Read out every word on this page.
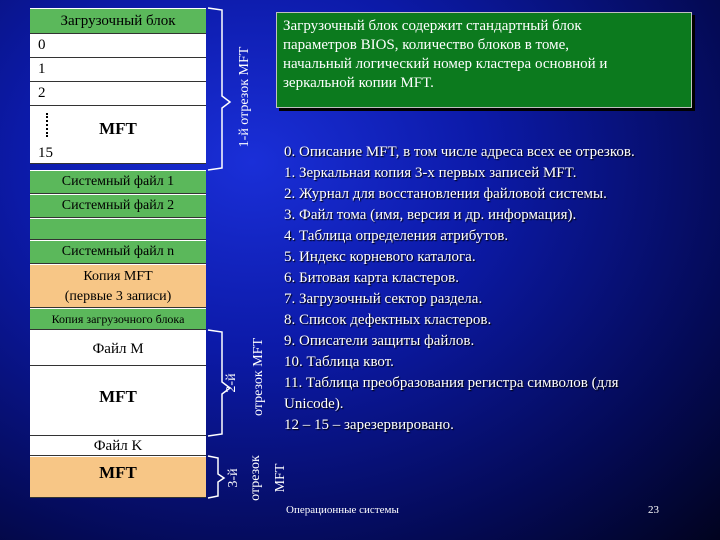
Загрузочный блок
0
1
2
MFT
15
Системный файл 1
Системный файл 2
Системный файл n
Копия MFT
(первые 3 записи)
Копия загрузочного блока
Файл M
MFT
Файл K
MFT
1-й отрезок MFT
2-й отрезок MFT
3-й отрезок MFT
Загрузочный блок содержит стандартный блок
параметров BIOS, количество блоков в томе,
начальный логический номер кластера основной и
зеркальной копии MFT.
0. Описание MFT, в том числе адреса всех ее отрезков.
1. Зеркальная копия 3-х первых записей MFT.
2. Журнал для восстановления файловой системы.
3. Файл тома (имя, версия и др. информация).
4. Таблица определения атрибутов.
5. Индекс корневого каталога.
6. Битовая карта кластеров.
7. Загрузочный сектор раздела.
8. Список дефектных кластеров.
9. Описатели защиты файлов.
10. Таблица квот.
11. Таблица преобразования регистра символов (для
Unicode).
12 – 15 – зарезервировано.
Операционные системы	23
